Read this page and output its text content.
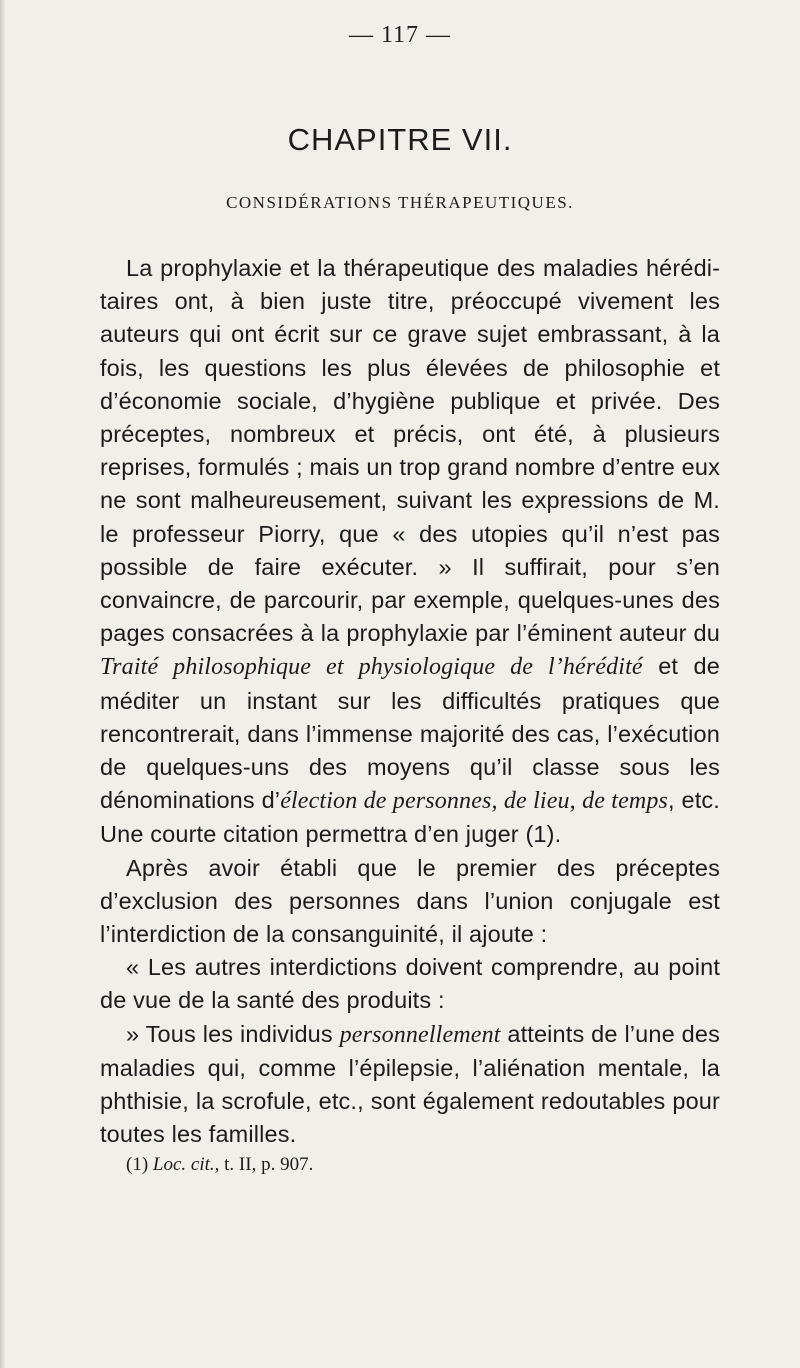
— 117 —
CHAPITRE VII.
CONSIDÉRATIONS THÉRAPEUTIQUES.

La prophylaxie et la thérapeutique des maladies héréditaires ont, à bien juste titre, préoccupé vivement les auteurs qui ont écrit sur ce grave sujet embrassant, à la fois, les questions les plus élevées de philosophie et d’économie sociale, d’hygiène publique et privée. Des préceptes, nombreux et précis, ont été, à plusieurs reprises, formulés ; mais un trop grand nombre d’entre eux ne sont malheureusement, suivant les expressions de M. le professeur Piorry, que « des utopies qu’il n’est pas possible de faire exécuter. » Il suffirait, pour s’en convaincre, de parcourir, par exemple, quelques-unes des pages consacrées à la prophylaxie par l’éminent auteur du Traité philosophique et physiologique de l’hérédité et de méditer un instant sur les difficultés pratiques que rencontrerait, dans l’immense majorité des cas, l’exécution de quelques-uns des moyens qu’il classe sous les dénominations d’élection de personnes, de lieu, de temps, etc. Une courte citation permettra d’en juger (1).

Après avoir établi que le premier des préceptes d’exclusion des personnes dans l’union conjugale est l’interdiction de la consanguinité, il ajoute :

« Les autres interdictions doivent comprendre, au point de vue de la santé des produits :

» Tous les individus personnellement atteints de l’une des maladies qui, comme l’épilepsie, l’aliénation mentale, la phthisie, la scrofule, etc., sont également redoutables pour toutes les familles.

(1) Loc. cit., t. II, p. 907.
